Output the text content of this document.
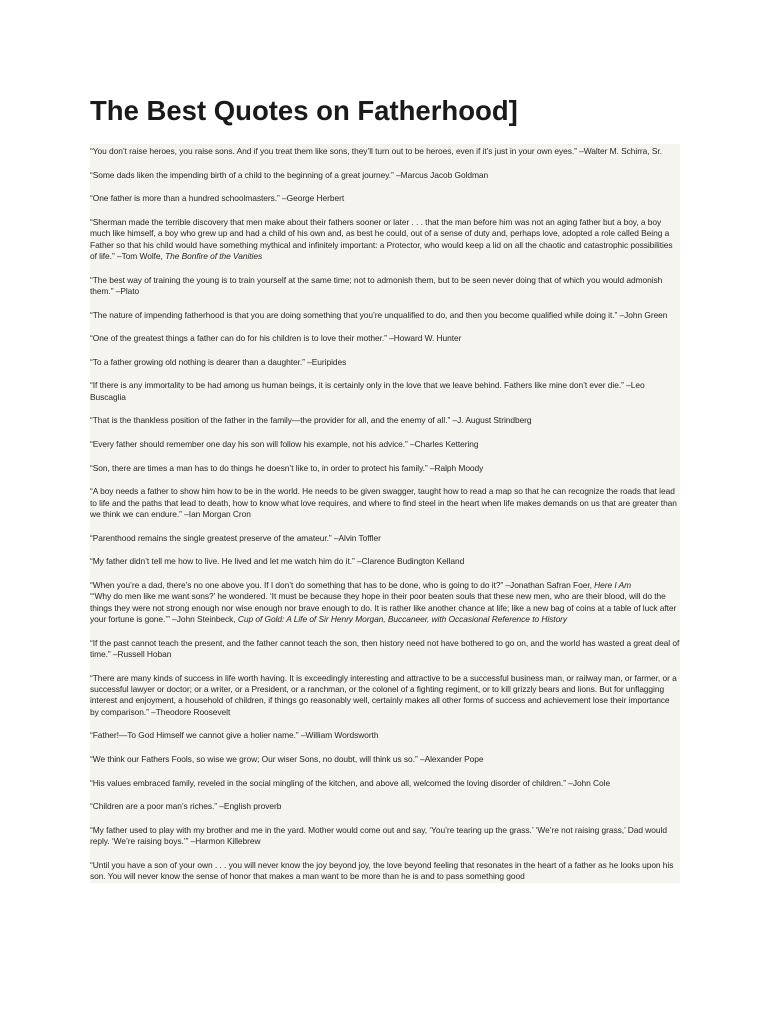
The Best Quotes on Fatherhood]

“You don’t raise heroes, you raise sons. And if you treat them like sons, they’ll turn out to be heroes, even if it’s just in your own eyes.” –Walter M. Schirra, Sr.

“Some dads liken the impending birth of a child to the beginning of a great journey.” –Marcus Jacob Goldman

“One father is more than a hundred schoolmasters.” –George Herbert

“Sherman made the terrible discovery that men make about their fathers sooner or later . . . that the man before him was not an aging father but a boy, a boy much like himself, a boy who grew up and had a child of his own and, as best he could, out of a sense of duty and, perhaps love, adopted a role called Being a Father so that his child would have something mythical and infinitely important: a Protector, who would keep a lid on all the chaotic and catastrophic possibilities of life.” –Tom Wolfe, The Bonfire of the Vanities

“The best way of training the young is to train yourself at the same time; not to admonish them, but to be seen never doing that of which you would admonish them.” –Plato

“The nature of impending fatherhood is that you are doing something that you’re unqualified to do, and then you become qualified while doing it.” –John Green

“One of the greatest things a father can do for his children is to love their mother.” –Howard W. Hunter

“To a father growing old nothing is dearer than a daughter.” –Euripides

“If there is any immortality to be had among us human beings, it is certainly only in the love that we leave behind. Fathers like mine don’t ever die.” –Leo Buscaglia

“That is the thankless position of the father in the family—the provider for all, and the enemy of all.” –J. August Strindberg

“Every father should remember one day his son will follow his example, not his advice.” –Charles Kettering

“Son, there are times a man has to do things he doesn’t like to, in order to protect his family.” –Ralph Moody

“A boy needs a father to show him how to be in the world. He needs to be given swagger, taught how to read a map so that he can recognize the roads that lead to life and the paths that lead to death, how to know what love requires, and where to find steel in the heart when life makes demands on us that are greater than we think we can endure.” –Ian Morgan Cron

“Parenthood remains the single greatest preserve of the amateur.” –Alvin Toffler

“My father didn’t tell me how to live. He lived and let me watch him do it.” –Clarence Budington Kelland

“When you’re a dad, there’s no one above you. If I don’t do something that has to be done, who is going to do it?” –Jonathan Safran Foer, Here I Am

“‘Why do men like me want sons?’ he wondered. ‘It must be because they hope in their poor beaten souls that these new men, who are their blood, will do the things they were not strong enough nor wise enough nor brave enough to do. It is rather like another chance at life; like a new bag of coins at a table of luck after your fortune is gone.’” –John Steinbeck, Cup of Gold: A Life of Sir Henry Morgan, Buccaneer, with Occasional Reference to History

“If the past cannot teach the present, and the father cannot teach the son, then history need not have bothered to go on, and the world has wasted a great deal of time.” –Russell Hoban

“There are many kinds of success in life worth having. It is exceedingly interesting and attractive to be a successful business man, or railway man, or farmer, or a successful lawyer or doctor; or a writer, or a President, or a ranchman, or the colonel of a fighting regiment, or to kill grizzly bears and lions. But for unflagging interest and enjoyment, a household of children, if things go reasonably well, certainly makes all other forms of success and achievement lose their importance by comparison.” –Theodore Roosevelt

“Father!—To God Himself we cannot give a holier name.” –William Wordsworth

“We think our Fathers Fools, so wise we grow; Our wiser Sons, no doubt, will think us so.” –Alexander Pope

“His values embraced family, reveled in the social mingling of the kitchen, and above all, welcomed the loving disorder of children.” –John Cole

“Children are a poor man’s riches.” –English proverb

“My father used to play with my brother and me in the yard. Mother would come out and say, ‘You’re tearing up the grass.’ ‘We’re not raising grass,’ Dad would reply. ‘We’re raising boys.’” –Harmon Killebrew

“Until you have a son of your own . . . you will never know the joy beyond joy, the love beyond feeling that resonates in the heart of a father as he looks upon his son. You will never know the sense of honor that makes a man want to be more than he is and to pass something good
